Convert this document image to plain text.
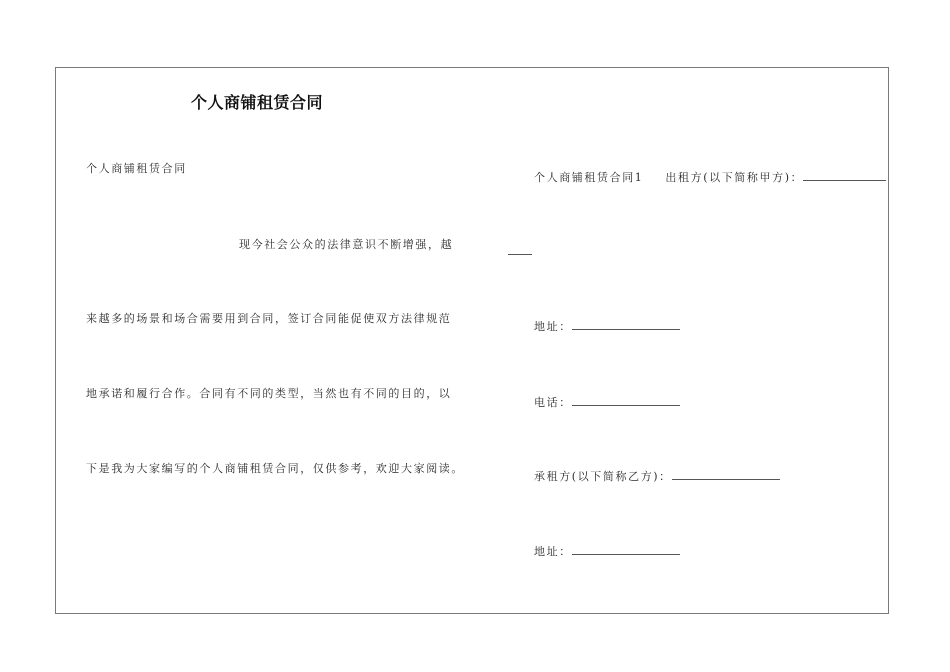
个人商铺租赁合同
个人商铺租赁合同
现今社会公众的法律意识不断增强，越
来越多的场景和场合需要用到合同，签订合同能促使双方法律规范
地承诺和履行合作。合同有不同的类型，当然也有不同的目的，以
下是我为大家编写的个人商铺租赁合同，仅供参考，欢迎大家阅读。
个人商铺租赁合同1 出租方(以下简称甲方)：
地址：
电话：
承租方(以下简称乙方)：
地址：
